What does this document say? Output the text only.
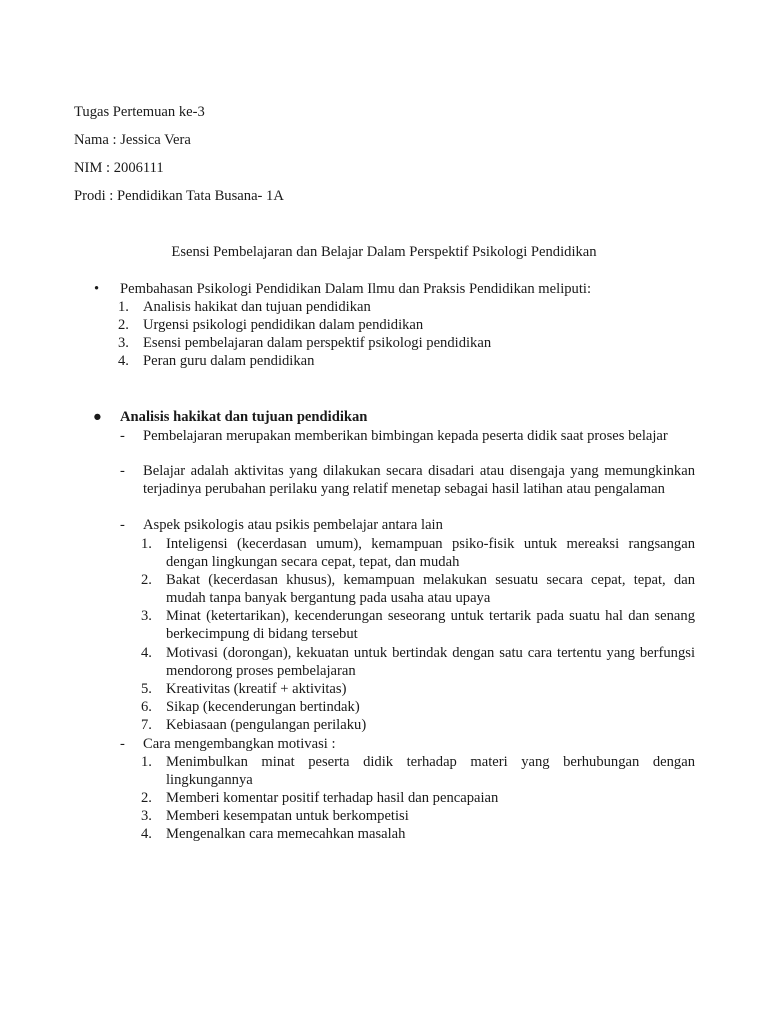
Tugas Pertemuan ke-3
Nama : Jessica Vera
NIM : 2006111
Prodi : Pendidikan Tata Busana- 1A
Esensi Pembelajaran dan Belajar Dalam Perspektif Psikologi Pendidikan
• Pembahasan Psikologi Pendidikan Dalam Ilmu dan Praksis Pendidikan meliputi:
1. Analisis hakikat dan tujuan pendidikan
2. Urgensi psikologi pendidikan dalam pendidikan
3. Esensi pembelajaran dalam perspektif psikologi pendidikan
4. Peran guru dalam pendidikan
● Analisis hakikat dan tujuan pendidikan
- Pembelajaran merupakan memberikan bimbingan kepada peserta didik saat proses belajar
- Belajar adalah aktivitas yang dilakukan secara disadari atau disengaja yang memungkinkan terjadinya perubahan perilaku yang relatif menetap sebagai hasil latihan atau pengalaman
- Aspek psikologis atau psikis pembelajar antara lain
1. Inteligensi (kecerdasan umum), kemampuan psiko-fisik untuk mereaksi rangsangan dengan lingkungan secara cepat, tepat, dan mudah
2. Bakat (kecerdasan khusus), kemampuan melakukan sesuatu secara cepat, tepat, dan mudah tanpa banyak bergantung pada usaha atau upaya
3. Minat (ketertarikan), kecenderungan seseorang untuk tertarik pada suatu hal dan senang berkecimpung di bidang tersebut
4. Motivasi (dorongan), kekuatan untuk bertindak dengan satu cara tertentu yang berfungsi mendorong proses pembelajaran
5. Kreativitas (kreatif + aktivitas)
6. Sikap (kecenderungan bertindak)
7. Kebiasaan (pengulangan perilaku)
- Cara mengembangkan motivasi :
1. Menimbulkan minat peserta didik terhadap materi yang berhubungan dengan lingkungannya
2. Memberi komentar positif terhadap hasil dan pencapaian
3. Memberi kesempatan untuk berkompetisi
4. Mengenalkan cara memecahkan masalah
